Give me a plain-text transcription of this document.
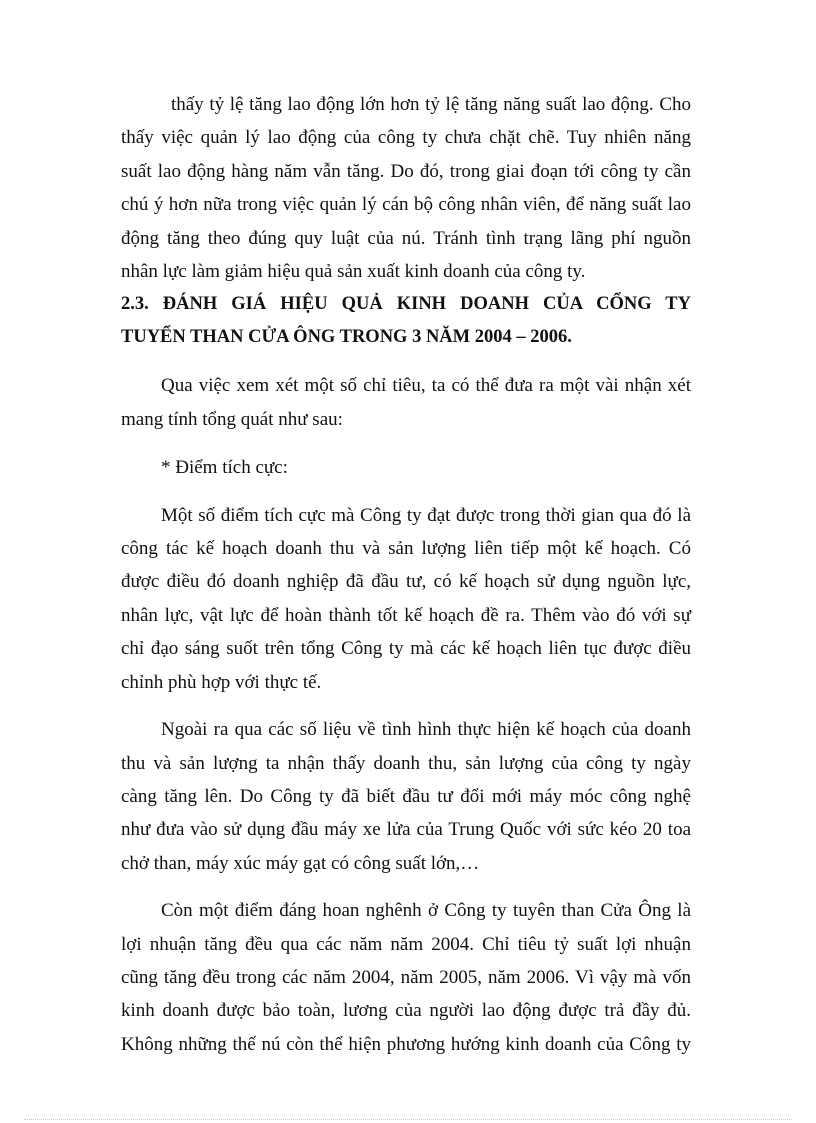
thấy tỷ lệ tăng lao động lớn hơn tỷ lệ tăng năng suất lao động. Cho
thấy việc quản lý lao động của công ty chưa chặt chẽ. Tuy nhiên năng
suất lao động hàng năm vẫn tăng. Do đó, trong giai đoạn tới công ty cần
chú ý hơn nữa trong việc quản lý cán bộ công nhân viên, để năng suất lao
động tăng theo đúng quy luật của nú. Tránh tình trạng lãng phí nguồn
nhân lực làm giảm hiệu quả sản xuất kinh doanh của công ty.

2.3. ĐÁNH GIÁ HIỆU QUẢ KINH DOANH CỦA CỔNG TY
TUYỂN THAN CỬA ÔNG TRONG 3 NĂM 2004 – 2006.

Qua việc xem xét một số chỉ tiêu, ta có thể đưa ra một vài nhận xét
mang tính tổng quát như sau:

* Điểm tích cực:

Một số điểm tích cực mà Công ty đạt được trong thời gian qua đó là
công tác kế hoạch doanh thu và sản lượng liên tiếp một kế hoạch. Có
được điều đó doanh nghiệp đã đầu tư, có kế hoạch sử dụng nguồn lực,
nhân lực, vật lực để hoàn thành tốt kế hoạch đề ra. Thêm vào đó với sự
chỉ đạo sáng suốt trên tổng Công ty mà các kế hoạch liên tục được điều
chỉnh phù hợp với thực tế.

Ngoài ra qua các số liệu về tình hình thực hiện kế hoạch của doanh
thu và sản lượng ta nhận thấy doanh thu, sản lượng của công ty ngày
càng tăng lên. Do Công ty đã biết đầu tư đổi mới máy móc công nghệ
như đưa vào sử dụng đầu máy xe lửa của Trung Quốc với sức kéo 20 toa
chở than, máy xúc máy gạt có công suất lớn,…

Còn một điểm đáng hoan nghênh ở Công ty tuyên than Cửa Ông là
lợi nhuận tăng đều qua các năm năm 2004. Chỉ tiêu tỷ suất lợi nhuận
cũng tăng đều trong các năm 2004, năm 2005, năm 2006. Vì vậy mà vốn
kinh doanh được bảo toàn, lương của người lao động được trả đầy đủ.
Không những thế nú còn thể hiện phương hướng kinh doanh của Công ty
